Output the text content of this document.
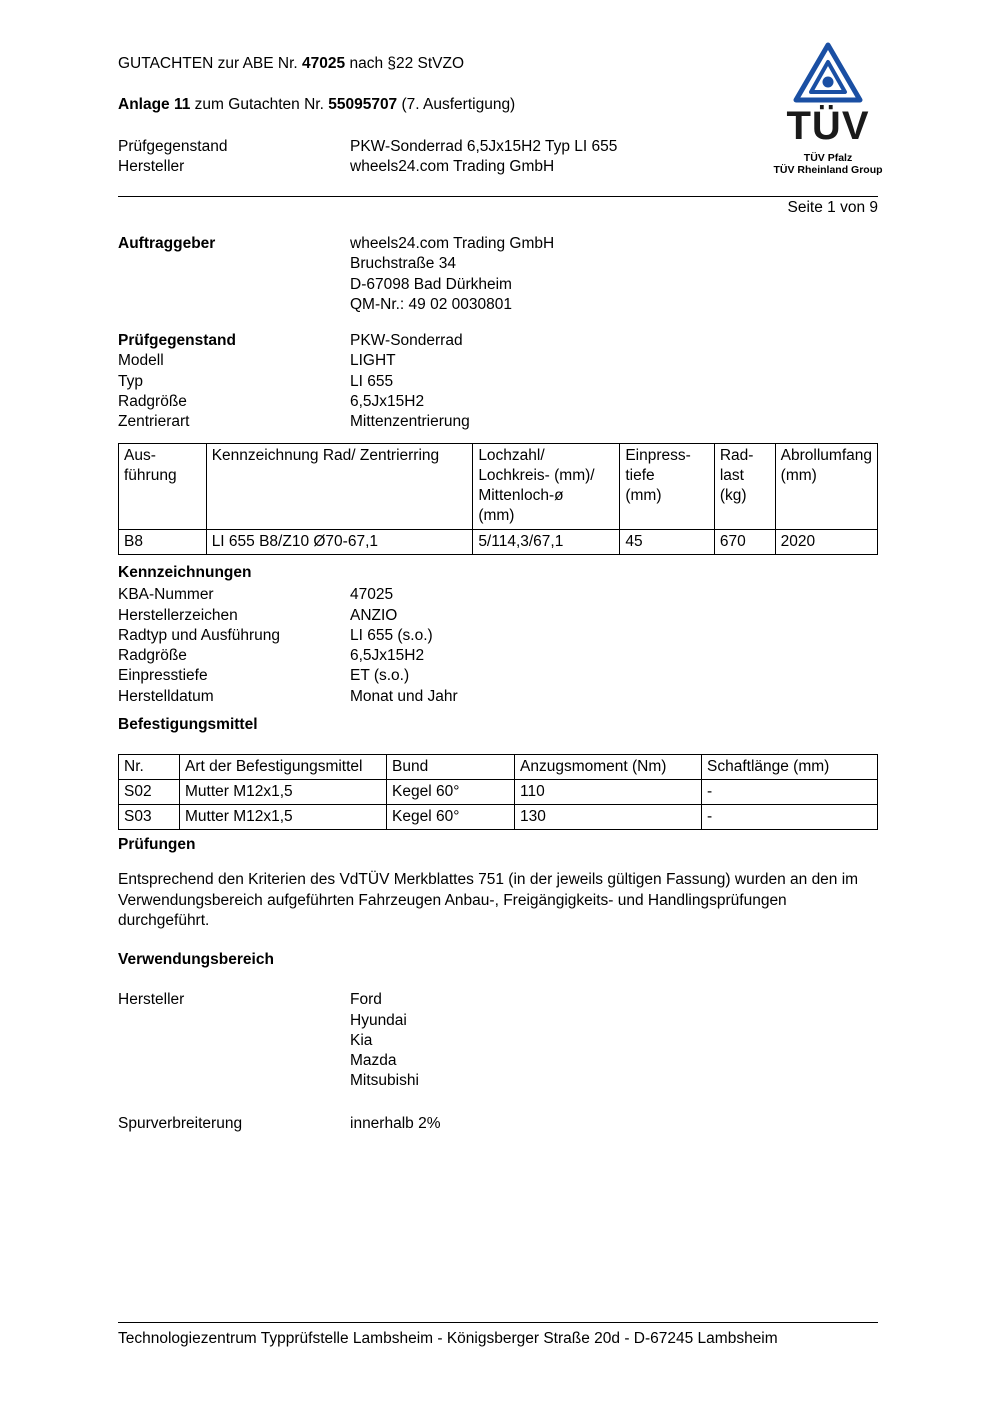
GUTACHTEN zur ABE Nr. 47025 nach §22 StVZO
Anlage 11 zum Gutachten Nr. 55095707 (7. Ausfertigung)
Prüfgegenstand	PKW-Sonderrad 6,5Jx15H2 Typ LI 655
Hersteller	wheels24.com Trading GmbH
TÜV
TÜV Pfalz
TÜV Rheinland Group
Seite 1 von 9
Auftraggeber	wheels24.com Trading GmbH
Bruchstraße 34
D-67098 Bad Dürkheim
QM-Nr.: 49 02 0030801
Prüfgegenstand	PKW-Sonderrad
Modell	LIGHT
Typ	LI 655
Radgröße	6,5Jx15H2
Zentrierart	Mittenzentrierung
Aus-
führung	Kennzeichnung Rad/ Zentrierring	Lochzahl/
Lochkreis- (mm)/
Mittenloch-ø
(mm)	Einpress-
tiefe
(mm)	Rad-
last
(kg)	Abrollumfang
(mm)
B8	LI 655 B8/Z10 Ø70-67,1	5/114,3/67,1	45	670	2020
Kennzeichnungen
KBA-Nummer	47025
Herstellerzeichen	ANZIO
Radtyp und Ausführung	LI 655 (s.o.)
Radgröße	6,5Jx15H2
Einpresstiefe	ET (s.o.)
Herstelldatum	Monat und Jahr
Befestigungsmittel
Nr.	Art der Befestigungsmittel	Bund	Anzugsmoment (Nm)	Schaftlänge (mm)
S02	Mutter M12x1,5	Kegel 60°	110	-
S03	Mutter M12x1,5	Kegel 60°	130	-
Prüfungen
Entsprechend den Kriterien des VdTÜV Merkblattes 751 (in der jeweils gültigen Fassung) wurden an den im Verwendungsbereich aufgeführten Fahrzeugen Anbau-, Freigängigkeits- und Handlingsprüfungen durchgeführt.
Verwendungsbereich
Hersteller	Ford
Hyundai
Kia
Mazda
Mitsubishi
Spurverbreiterung	innerhalb 2%
Technologiezentrum Typprüfstelle Lambsheim - Königsberger Straße 20d - D-67245 Lambsheim
